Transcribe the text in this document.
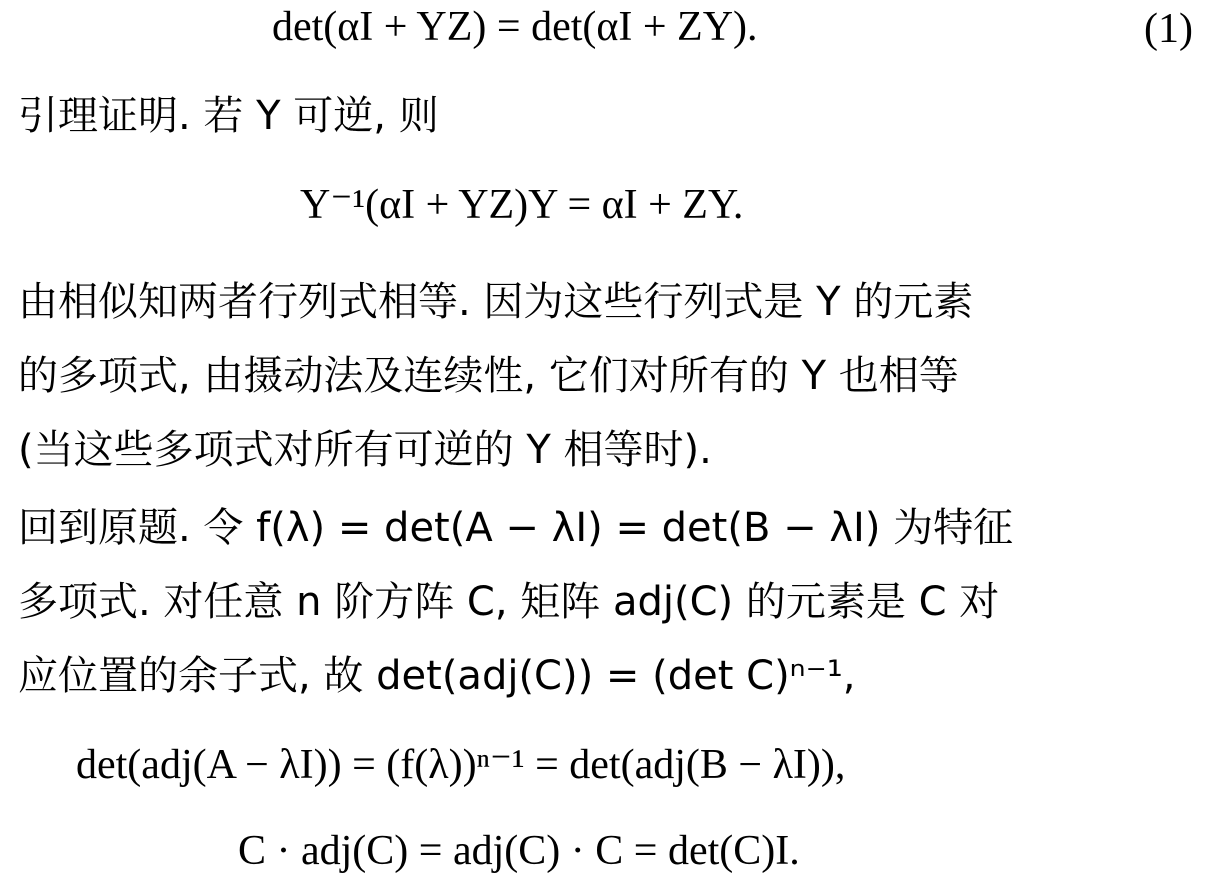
det(αI + YZ) = det(αI + ZY).	(1)
引理证明. 若 Y 可逆, 则
Y⁻¹(αI + YZ)Y = αI + ZY.
由相似知两者行列式相等. 因为这些行列式是 Y 的元素
的多项式, 由摄动法及连续性, 它们对所有的 Y 也相等
(当这些多项式对所有可逆的 Y 相等时).
回到原题. 令 f(λ) = det(A − λI) = det(B − λI) 为特征
多项式. 对任意 n 阶方阵 C, 矩阵 adj(C) 的元素是 C 对
应位置的余子式, 故 det(adj(C)) = (det C)ⁿ⁻¹,
det(adj(A − λI)) = (f(λ))ⁿ⁻¹ = det(adj(B − λI)),
C · adj(C) = adj(C) · C = det(C)I.
